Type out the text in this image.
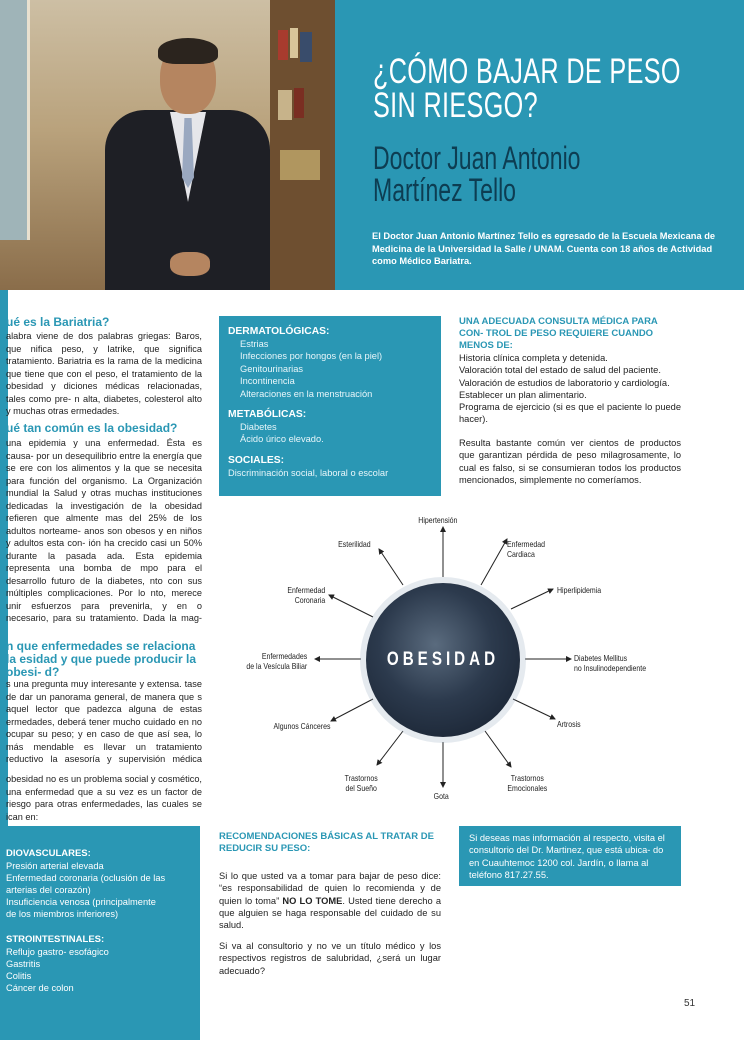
¿CÓMO BAJAR DE PESO
SIN RIESGO?
Doctor Juan Antonio
Martínez Tello
El Doctor Juan Antonio Martínez Tello es egresado de la Escuela Mexicana de Medicina de la Universidad la Salle / UNAM. Cuenta con 18 años de Actividad como Médico Bariatra.
ué es la Bariatria?
alabra viene de dos palabras griegas: Baros, que nifica peso, y Iatrike, que significa tratamiento. Bariatria es la rama de la medicina que tiene que con el peso, el tratamiento de la obesidad y diciones médicas relacionadas, tales como pre- n alta, diabetes, colesterol alto y muchas otras ermedades.
ué tan común es la obesidad?
una epidemia y una enfermedad. Ésta es causa- por un desequilibrio entre la energía que se ere con los alimentos y la que se necesita para función del organismo. La Organización mundial la Salud y otras muchas instituciones dedicadas la investigación de la obesidad refieren que almente mas del 25% de los adultos norteame- anos son obesos y en niños y adultos esta con- ión ha crecido casi un 50% durante la pasada ada. Esta epidemia representa una bomba de mpo para el desarrollo futuro de la diabetes, nto con sus múltiples complicaciones. Por lo nto, merece unir esfuerzos para prevenirla, y en o necesario, para su tratamiento. Dada la mag-
n que enfermedades se relaciona la esidad y que puede producir la obesi- d?
s una pregunta muy interesante y extensa. tase de dar un panorama general, de manera que s aquel lector que padezca alguna de estas ermedades, deberá tener mucho cuidado en no ocupar su peso; y en caso de que así sea, lo más mendable es llevar un tratamiento reductivo la asesoría y supervisión médica
obesidad no es un problema social y cosmético, una enfermedad que a su vez es un factor de riesgo para otras enfermedades, las cuales se ican en:
DIOVASCULARES:
Presión arterial elevada
Enfermedad coronaria (oclusión de las
arterias del corazón)
Insuficiencia venosa (principalmente
de los miembros inferiores)
STROINTESTINALES:
Reflujo gastro- esofágico
Gastritis
Colitis
Cáncer de colon
DERMATOLÓGICAS:
Estrias
Infecciones por hongos (en la piel)
Genitourinarias
Incontinencia
Alteraciones en la menstruación
METABÓLICAS:
Diabetes
Ácido úrico elevado.
SOCIALES:
Discriminación social, laboral o escolar
UNA ADECUADA CONSULTA MÉDICA PARA CON- TROL DE PESO REQUIERE CUANDO MENOS DE:
Historia clínica completa y detenida.
Valoración total del estado de salud del paciente.
Valoración de estudios de laboratorio y cardiología.
Establecer un plan alimentario.
Programa de ejercicio (si es que el paciente lo puede hacer).
Resulta bastante común ver cientos de productos que garantizan pérdida de peso milagrosamente, lo cual es falso, si se consumieran todos los productos mencionados, simplemente no comeríamos.
OBESIDAD
Hipertensión
Enfermedad
Cardiaca
Hiperlipidemia
Diabetes Mellitus
no Insulinodependiente
Artrosis
Trastornos
Emocionales
Gota
Trastornos
del Sueño
Algunos Cánceres
Enfermedades
de la Vesícula Biliar
Enfermedad
Coronaria
Esterilidad
RECOMENDACIONES BÁSICAS AL TRATAR DE REDUCIR SU PESO:
Si lo que usted va a tomar para bajar de peso dice: “es responsabilidad de quien lo recomienda y de quien lo toma” NO LO TOME. Usted tiene derecho a que alguien se haga responsable del cuidado de su salud.
Si va al consultorio y no ve un título médico y los respectivos registros de salubridad, ¿será un lugar adecuado?
Si deseas mas información al respecto, visita el consultorio del Dr. Martinez, que está ubica- do en Cuauhtemoc 1200 col. Jardín, o llama al teléfono 817.27.55.
51
